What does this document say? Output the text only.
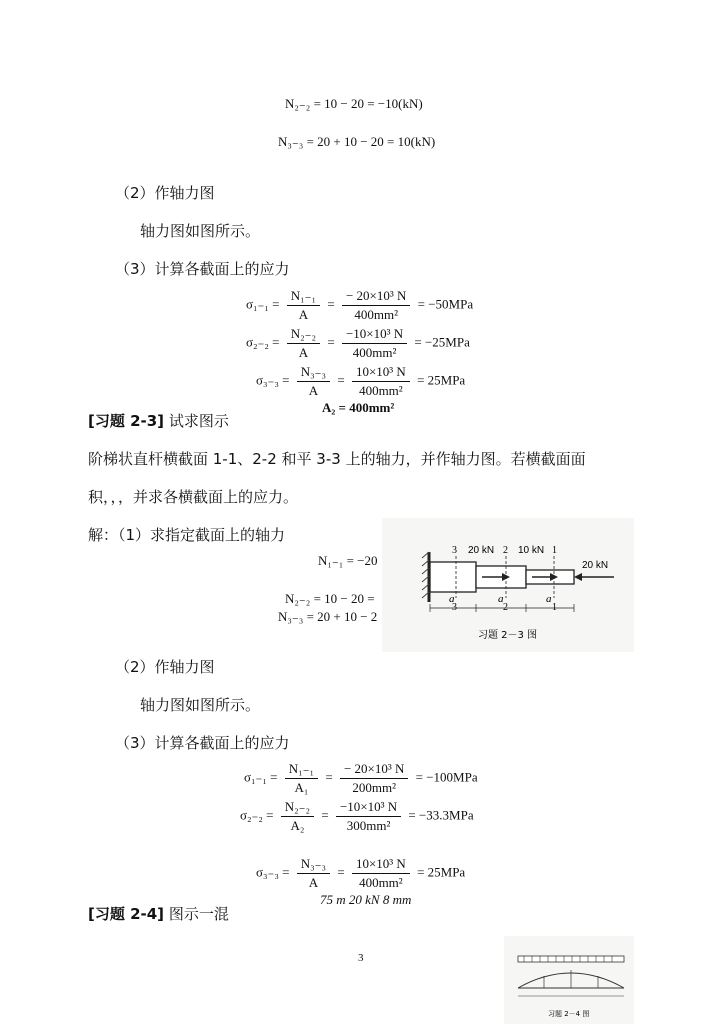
N₂₋₂ = 10 − 20 = −10(kN)
N₃₋₃ = 20 + 10 − 20 = 10(kN)
（2）作轴力图
轴力图如图所示。
（3）计算各截面上的应力
$\sigma_{1-1} = \frac{\text{N₁₋₁}}{A} = \frac{\text{− 20×10³ N}}{\text{400mm²}} = -50MPa$
$\sigma_{2-2} = \frac{\text{N₂₋₂}}{A} = \frac{\text{−10×10³ N}}{\text{400mm²}} = -25MPa$
$\sigma_{3-3} = \frac{\text{N₃₋₃}}{A} = \frac{\text{10×10³ N}}{\text{400mm²}} = 25MPa$
A₂ = 400mm²
[习题 2-3] 试求图示
阶梯状直杆横截面 1-1、2-2 和平 3-3 上的轴力，并作轴力图。若横截面面
积，，，并求各横截面上的应力。
解：（1）求指定截面上的轴力
N₁₋₁ = −20
N₂₋₂ = 10 − 20 =
N₃₋₃ = 20 + 10 − 2
3
3
2
2
1
1
20 kN 10 kN
20 kN
a	a	a
习题 2－3 图
（2）作轴力图
轴力图如图所示。
（3）计算各截面上的应力
$\sigma_{1-1} = \frac{\text{N₁₋₁}}{\text{A₁}} = \frac{\text{− 20×10³ N}}{\text{200mm²}} = -100MPa$
$\sigma_{2-2} = \frac{\text{N₂₋₂}}{\text{A₂}} = \frac{\text{−10×10³ N}}{\text{300mm²}} = -33.3MPa$
$\sigma_{3-3} = \frac{\text{N₃₋₃}}{A} = \frac{\text{10×10³ N}}{\text{400mm²}} = 25MPa$
75 m 20 kN 8 mm
[习题 2-4] 图示一混
3
习题 2－4 图
